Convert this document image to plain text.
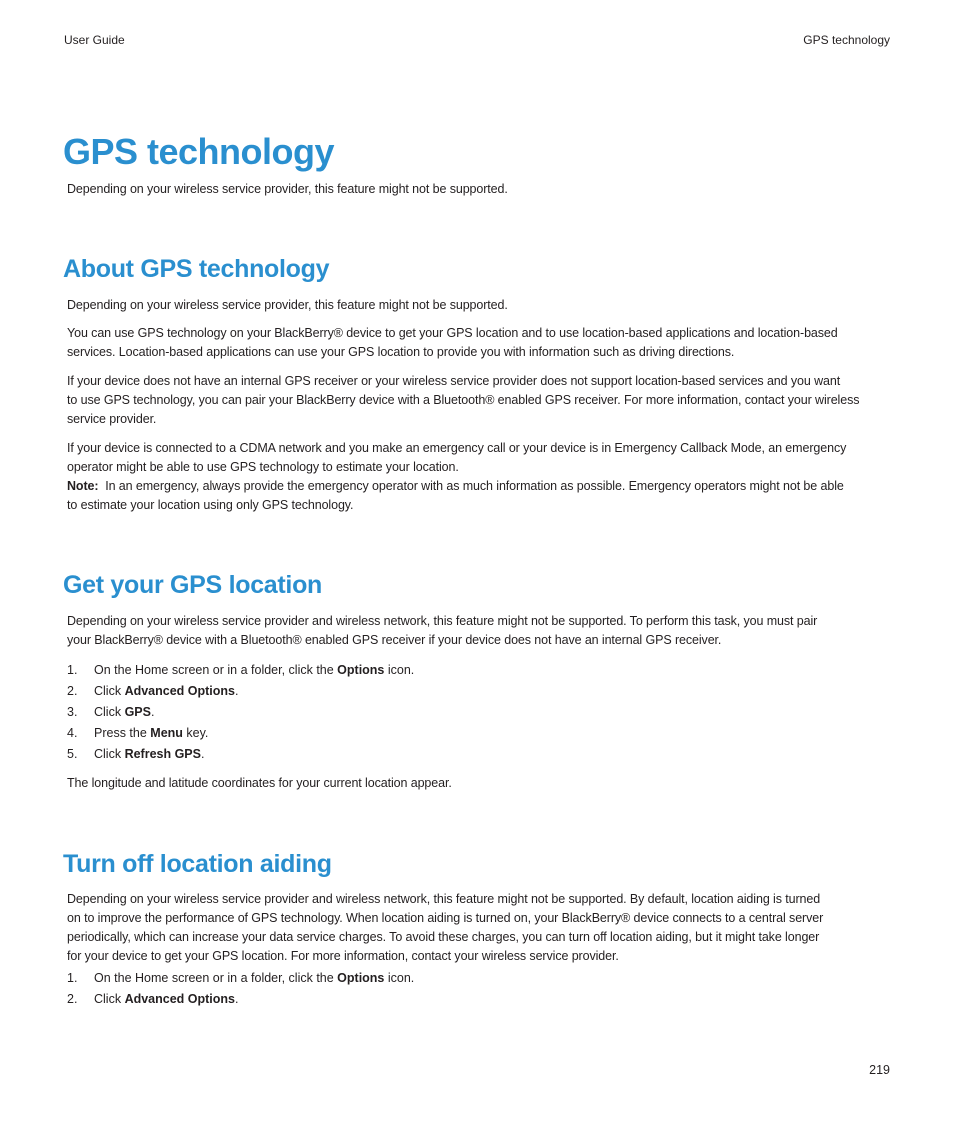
User Guide	GPS technology
GPS technology

Depending on your wireless service provider, this feature might not be supported.

About GPS technology

Depending on your wireless service provider, this feature might not be supported.

You can use GPS technology on your BlackBerry® device to get your GPS location and to use location-based applications and location-based
services. Location-based applications can use your GPS location to provide you with information such as driving directions.
If your device does not have an internal GPS receiver or your wireless service provider does not support location-based services and you want
to use GPS technology, you can pair your BlackBerry device with a Bluetooth® enabled GPS receiver. For more information, contact your wireless
service provider.
If your device is connected to a CDMA network and you make an emergency call or your device is in Emergency Callback Mode, an emergency
operator might be able to use GPS technology to estimate your location.
Note:  In an emergency, always provide the emergency operator with as much information as possible. Emergency operators might not be able
to estimate your location using only GPS technology.
Get your GPS location
Depending on your wireless service provider and wireless network, this feature might not be supported. To perform this task, you must pair
your BlackBerry® device with a Bluetooth® enabled GPS receiver if your device does not have an internal GPS receiver.
1. On the Home screen or in a folder, click the Options icon.
2. Click Advanced Options.
3. Click GPS.
4. Press the Menu key.
5. Click Refresh GPS.

The longitude and latitude coordinates for your current location appear.

Turn off location aiding
Depending on your wireless service provider and wireless network, this feature might not be supported. By default, location aiding is turned
on to improve the performance of GPS technology. When location aiding is turned on, your BlackBerry® device connects to a central server
periodically, which can increase your data service charges. To avoid these charges, you can turn off location aiding, but it might take longer
for your device to get your GPS location. For more information, contact your wireless service provider.
1. On the Home screen or in a folder, click the Options icon.
2. Click Advanced Options.
219
